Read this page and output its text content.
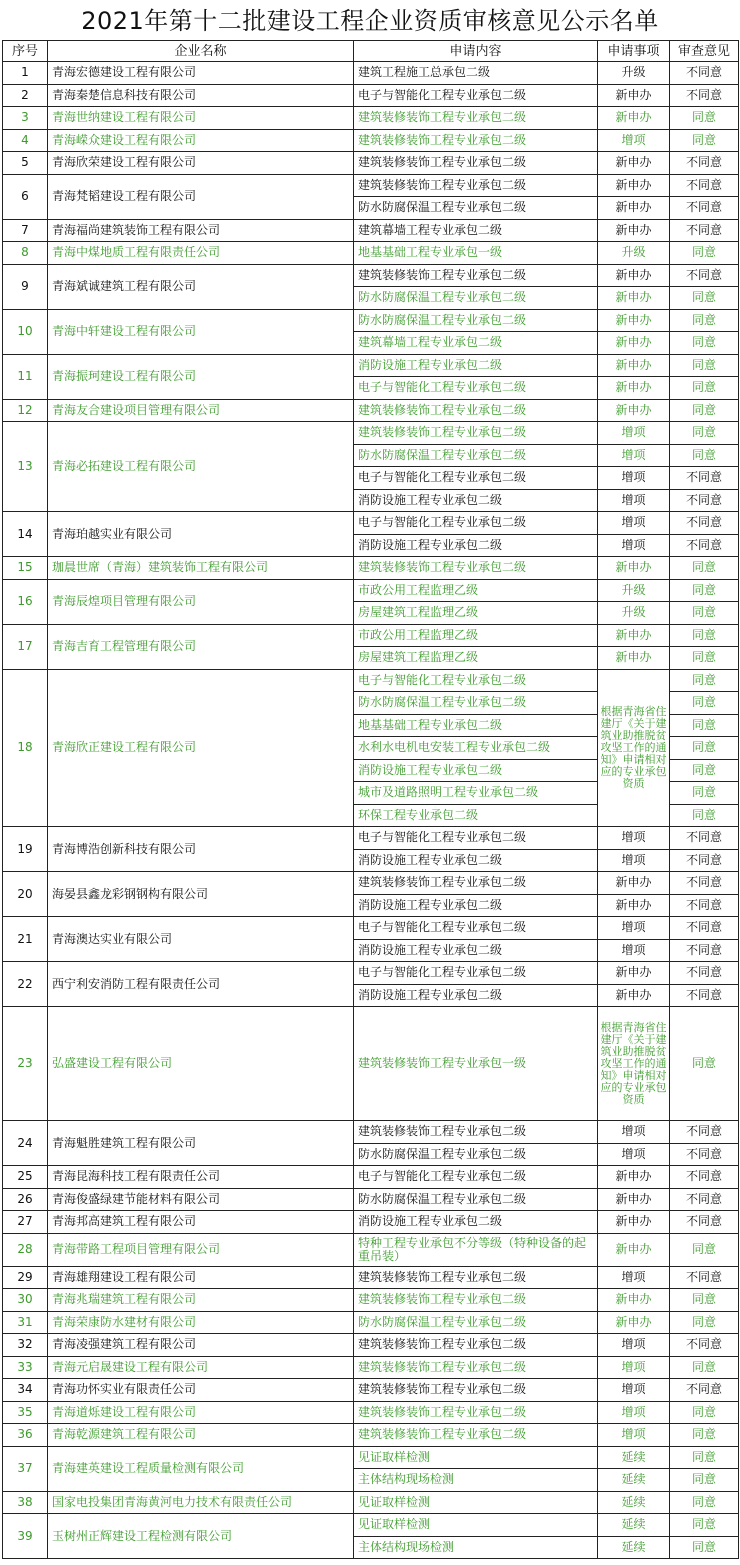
2021年第十二批建设工程企业资质审核意见公示名单
序号	企业名称	申请内容	申请事项	审查意见
1	青海宏德建设工程有限公司	建筑工程施工总承包二级	升级	不同意
2	青海秦楚信息科技有限公司	电子与智能化工程专业承包二级	新申办	不同意
3	青海世纳建设工程有限公司	建筑装修装饰工程专业承包二级	新申办	同意
4	青海嵘众建设工程有限公司	建筑装修装饰工程专业承包二级	增项	同意
5	青海欣荣建设工程有限公司	建筑装修装饰工程专业承包二级	新申办	不同意
6	青海梵韬建设工程有限公司	建筑装修装饰工程专业承包二级	新申办	不同意
		防水防腐保温工程专业承包二级	新申办	不同意
7	青海福尚建筑装饰工程有限公司	建筑幕墙工程专业承包二级	新申办	不同意
8	青海中煤地质工程有限责任公司	地基基础工程专业承包一级	升级	同意
9	青海斌诚建筑工程有限公司	建筑装修装饰工程专业承包二级	新申办	不同意
		防水防腐保温工程专业承包二级	新申办	同意
10	青海中轩建设工程有限公司	防水防腐保温工程专业承包二级	新申办	同意
		建筑幕墙工程专业承包二级	新申办	同意
11	青海振珂建设工程有限公司	消防设施工程专业承包二级	新申办	同意
		电子与智能化工程专业承包二级	新申办	同意
12	青海友合建设项目管理有限公司	建筑装修装饰工程专业承包二级	新申办	同意
13	青海必拓建设工程有限公司	建筑装修装饰工程专业承包二级	增项	同意
		防水防腐保温工程专业承包二级	增项	同意
		电子与智能化工程专业承包二级	增项	不同意
		消防设施工程专业承包二级	增项	不同意
14	青海珀越实业有限公司	电子与智能化工程专业承包二级	增项	不同意
		消防设施工程专业承包二级	增项	不同意
15	珈晨世席（青海）建筑装饰工程有限公司	建筑装修装饰工程专业承包二级	新申办	同意
16	青海辰煌项目管理有限公司	市政公用工程监理乙级	升级	同意
		房屋建筑工程监理乙级	升级	同意
17	青海吉育工程管理有限公司	市政公用工程监理乙级	新申办	同意
		房屋建筑工程监理乙级	新申办	同意
18	青海欣正建设工程有限公司	电子与智能化工程专业承包二级	根据青海省住建厅《关于建筑业助推脱贫攻坚工作的通知》申请相对应的专业承包资质	同意
		防水防腐保温工程专业承包二级		同意
		地基基础工程专业承包二级		同意
		水利水电机电安装工程专业承包二级		同意
		消防设施工程专业承包二级		同意
		城市及道路照明工程专业承包二级		同意
		环保工程专业承包二级		同意
19	青海博浩创新科技有限公司	电子与智能化工程专业承包二级	增项	不同意
		消防设施工程专业承包二级	增项	不同意
20	海晏县鑫龙彩钢钢构有限公司	建筑装修装饰工程专业承包二级	新申办	不同意
		消防设施工程专业承包二级	新申办	不同意
21	青海澳达实业有限公司	电子与智能化工程专业承包二级	增项	不同意
		消防设施工程专业承包二级	增项	不同意
22	西宁利安消防工程有限责任公司	电子与智能化工程专业承包二级	新申办	不同意
		消防设施工程专业承包二级	新申办	不同意
23	弘盛建设工程有限公司	建筑装修装饰工程专业承包一级	根据青海省住建厅《关于建筑业助推脱贫攻坚工作的通知》申请相对应的专业承包资质	同意
24	青海魁胜建筑工程有限公司	建筑装修装饰工程专业承包二级	增项	不同意
		防水防腐保温工程专业承包二级	增项	不同意
25	青海昆海科技工程有限责任公司	电子与智能化工程专业承包二级	新申办	不同意
26	青海俊盛绿建节能材料有限公司	防水防腐保温工程专业承包二级	新申办	不同意
27	青海邦高建筑工程有限公司	消防设施工程专业承包二级	新申办	不同意
28	青海带路工程项目管理有限公司	特种工程专业承包不分等级（特种设备的起重吊装）	新申办	同意
29	青海雄翔建设工程有限公司	建筑装修装饰工程专业承包二级	增项	不同意
30	青海兆瑞建筑工程有限公司	建筑装修装饰工程专业承包二级	新申办	同意
31	青海荣康防水建材有限公司	防水防腐保温工程专业承包二级	新申办	同意
32	青海凌强建筑工程有限公司	建筑装修装饰工程专业承包二级	增项	不同意
33	青海元启晟建设工程有限公司	建筑装修装饰工程专业承包二级	增项	同意
34	青海功怀实业有限责任公司	建筑装修装饰工程专业承包二级	增项	不同意
35	青海道烁建设工程有限公司	建筑装修装饰工程专业承包二级	增项	同意
36	青海乾源建筑工程有限公司	建筑装修装饰工程专业承包二级	增项	同意
37	青海建英建设工程质量检测有限公司	见证取样检测	延续	同意
		主体结构现场检测	延续	同意
38	国家电投集团青海黄河电力技术有限责任公司	见证取样检测	延续	同意
39	玉树州正辉建设工程检测有限公司	见证取样检测	延续	同意
		主体结构现场检测	延续	同意
